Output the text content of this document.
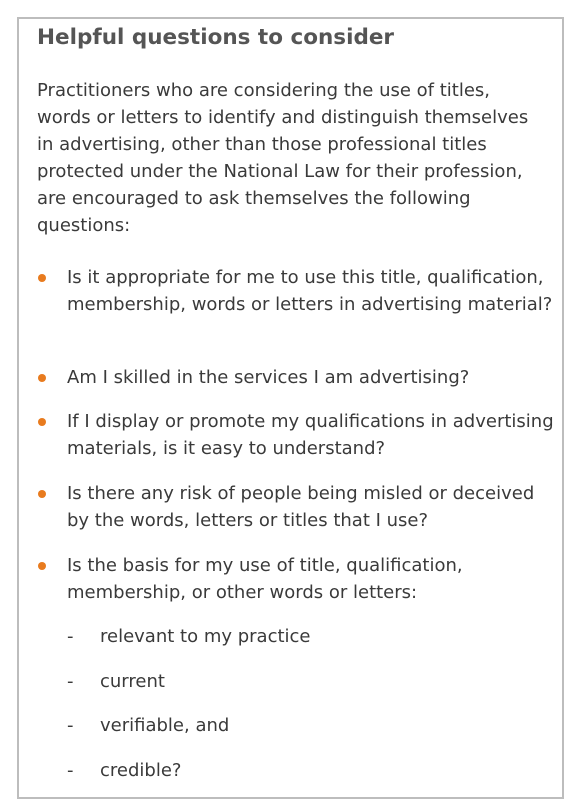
Helpful questions to consider

Practitioners who are considering the use of titles, words or letters to identify and distinguish themselves in advertising, other than those professional titles protected under the National Law for their profession, are encouraged to ask themselves the following questions:

Is it appropriate for me to use this title, qualification, membership, words or letters in advertising material?
Am I skilled in the services I am advertising?
If I display or promote my qualifications in advertising materials, is it easy to understand?
Is there any risk of people being misled or deceived by the words, letters or titles that I use?
Is the basis for my use of title, qualification, membership, or other words or letters:
- relevant to my practice
- current
- verifiable, and
- credible?
